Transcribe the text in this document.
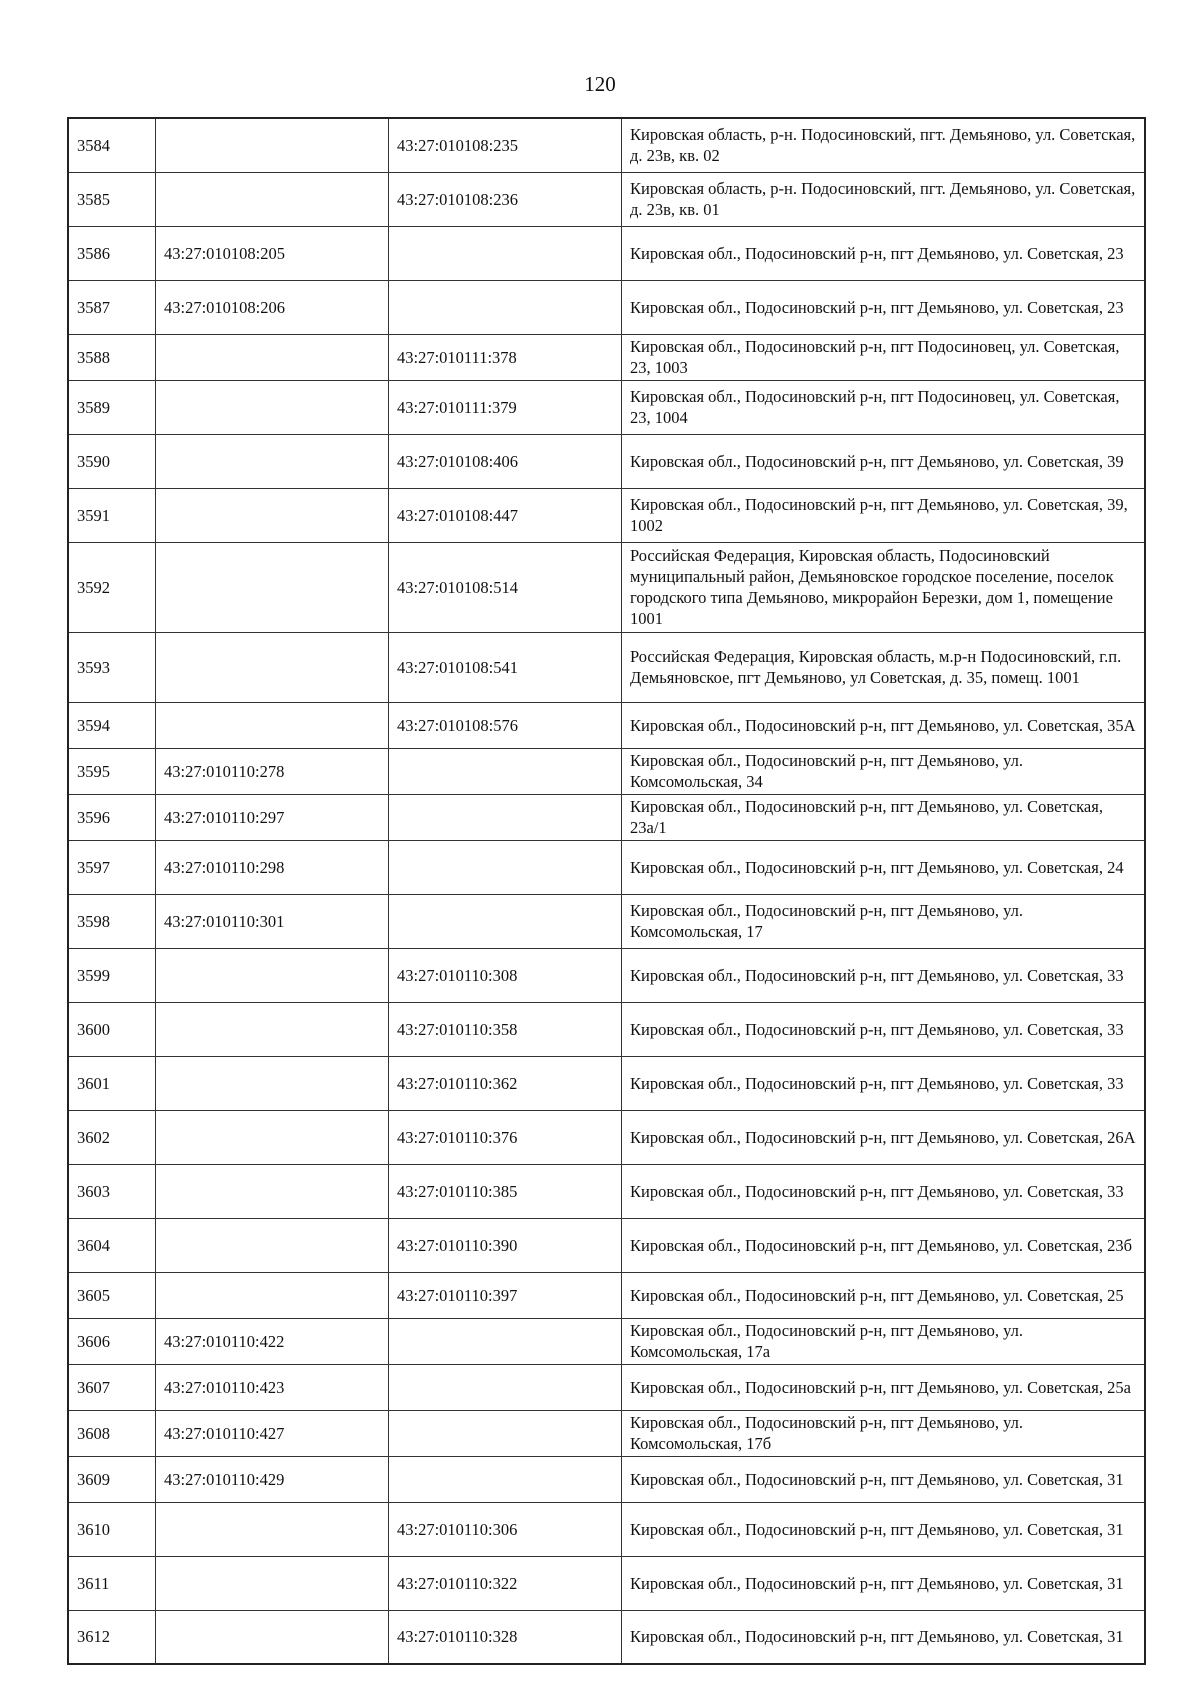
120
3584		43:27:010108:235	Кировская область, р-н. Подосиновский, пгт. Демьяново, ул. Советская, д. 23в, кв. 02
3585		43:27:010108:236	Кировская область, р-н. Подосиновский, пгт. Демьяново, ул. Советская, д. 23в, кв. 01
3586	43:27:010108:205		Кировская обл., Подосиновский р-н, пгт Демьяново, ул. Советская, 23
3587	43:27:010108:206		Кировская обл., Подосиновский р-н, пгт Демьяново, ул. Советская, 23
3588		43:27:010111:378	Кировская обл., Подосиновский р-н, пгт Подосиновец, ул. Советская, 23, 1003
3589		43:27:010111:379	Кировская обл., Подосиновский р-н, пгт Подосиновец, ул. Советская, 23, 1004
3590		43:27:010108:406	Кировская обл., Подосиновский р-н, пгт Демьяново, ул. Советская, 39
3591		43:27:010108:447	Кировская обл., Подосиновский р-н, пгт Демьяново, ул. Советская, 39, 1002
3592		43:27:010108:514	Российская Федерация, Кировская область, Подосиновский муниципальный район, Демьяновское городское поселение, поселок городского типа Демьяново, микрорайон Березки, дом 1, помещение 1001
3593		43:27:010108:541	Российская Федерация, Кировская область, м.р-н Подосиновский, г.п. Демьяновское, пгт Демьяново, ул Советская, д. 35, помещ. 1001
3594		43:27:010108:576	Кировская обл., Подосиновский р-н, пгт Демьяново, ул. Советская, 35А
3595	43:27:010110:278		Кировская обл., Подосиновский р-н, пгт Демьяново, ул. Комсомольская, 34
3596	43:27:010110:297		Кировская обл., Подосиновский р-н, пгт Демьяново, ул. Советская, 23а/1
3597	43:27:010110:298		Кировская обл., Подосиновский р-н, пгт Демьяново, ул. Советская, 24
3598	43:27:010110:301		Кировская обл., Подосиновский р-н, пгт Демьяново, ул. Комсомольская, 17
3599		43:27:010110:308	Кировская обл., Подосиновский р-н, пгт Демьяново, ул. Советская, 33
3600		43:27:010110:358	Кировская обл., Подосиновский р-н, пгт Демьяново, ул. Советская, 33
3601		43:27:010110:362	Кировская обл., Подосиновский р-н, пгт Демьяново, ул. Советская, 33
3602		43:27:010110:376	Кировская обл., Подосиновский р-н, пгт Демьяново, ул. Советская, 26А
3603		43:27:010110:385	Кировская обл., Подосиновский р-н, пгт Демьяново, ул. Советская, 33
3604		43:27:010110:390	Кировская обл., Подосиновский р-н, пгт Демьяново, ул. Советская, 23б
3605		43:27:010110:397	Кировская обл., Подосиновский р-н, пгт Демьяново, ул. Советская, 25
3606	43:27:010110:422		Кировская обл., Подосиновский р-н, пгт Демьяново, ул. Комсомольская, 17а
3607	43:27:010110:423		Кировская обл., Подосиновский р-н, пгт Демьяново, ул. Советская, 25а
3608	43:27:010110:427		Кировская обл., Подосиновский р-н, пгт Демьяново, ул. Комсомольская, 17б
3609	43:27:010110:429		Кировская обл., Подосиновский р-н, пгт Демьяново, ул. Советская, 31
3610		43:27:010110:306	Кировская обл., Подосиновский р-н, пгт Демьяново, ул. Советская, 31
3611		43:27:010110:322	Кировская обл., Подосиновский р-н, пгт Демьяново, ул. Советская, 31
3612		43:27:010110:328	Кировская обл., Подосиновский р-н, пгт Демьяново, ул. Советская, 31
